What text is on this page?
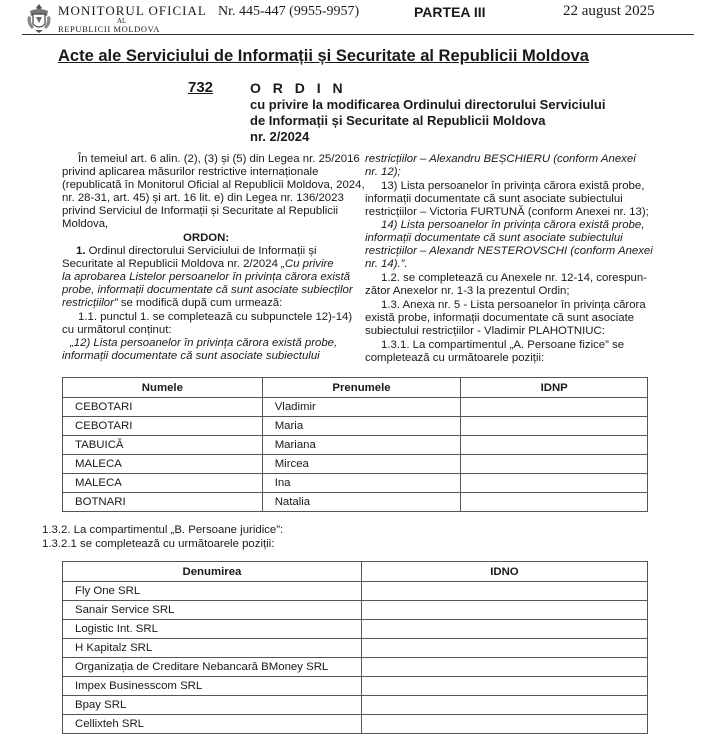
MONITORUL OFICIAL
AL
REPUBLICII MOLDOVA
Nr. 445-447 (9955-9957)	PARTEA III	22 august 2025
Acte ale Serviciului de Informații și Securitate al Republicii Moldova
732	O R D I N
cu privire la modificarea Ordinului directorului Serviciului
de Informații și Securitate al Republicii Moldova
nr. 2/2024
În temeiul art. 6 alin. (2), (3) și (5) din Legea nr. 25/2016
privind aplicarea măsurilor restrictive internaționale
(republicată în Monitorul Oficial al Republicii Moldova, 2024,
nr. 28-31, art. 45) și art. 16 lit. e) din Legea nr. 136/2023
privind Serviciul de Informații și Securitate al Republicii
Moldova,
ORDON:
1. Ordinul directorului Serviciului de Informații și
Securitate al Republicii Moldova nr. 2/2024 „Cu privire
la aprobarea Listelor persoanelor în privința cărora există
probe, informații documentate că sunt asociate subiecților
restricțiilor” se modifică după cum urmează:
1.1. punctul 1. se completează cu subpunctele 12)-14)
cu următorul conținut:
„12) Lista persoanelor în privința cărora există probe,
informații documentate că sunt asociate subiectului
restricțiilor – Alexandru BEȘCHIERU (conform Anexei
nr. 12);
13) Lista persoanelor în privința cărora există probe,
informații documentate că sunt asociate subiectului
restricțiilor – Victoria FURTUNĂ (conform Anexei nr. 13);
14) Lista persoanelor în privința cărora există probe,
informații documentate că sunt asociate subiectului
restricțiilor – Alexandr NESTEROVSCHI (conform Anexei
nr. 14).”.
1.2. se completează cu Anexele nr. 12-14, corespun-
zător Anexelor nr. 1-3 la prezentul Ordin;
1.3. Anexa nr. 5 - Lista persoanelor în privința cărora
există probe, informații documentate că sunt asociate
subiectului restricțiilor - Vladimir PLAHOTNIUC:
1.3.1. La compartimentul „A. Persoane fizice” se
completează cu următoarele poziții:
Numele	Prenumele	IDNP
CEBOTARI	Vladimir	
CEBOTARI	Maria	
TABUICĂ	Mariana	
MALECA	Mircea	
MALECA	Ina	
BOTNARI	Natalia	
1.3.2. La compartimentul „B. Persoane juridice”:
1.3.2.1 se completează cu următoarele poziții:
Denumirea	IDNO
Fly One SRL	
Sanair Service SRL	
Logistic Int. SRL	
H Kapitalz SRL	
Organizația de Creditare Nebancară BMoney SRL	
Impex Businesscom SRL	
Bpay SRL	
Cellixteh SRL	
